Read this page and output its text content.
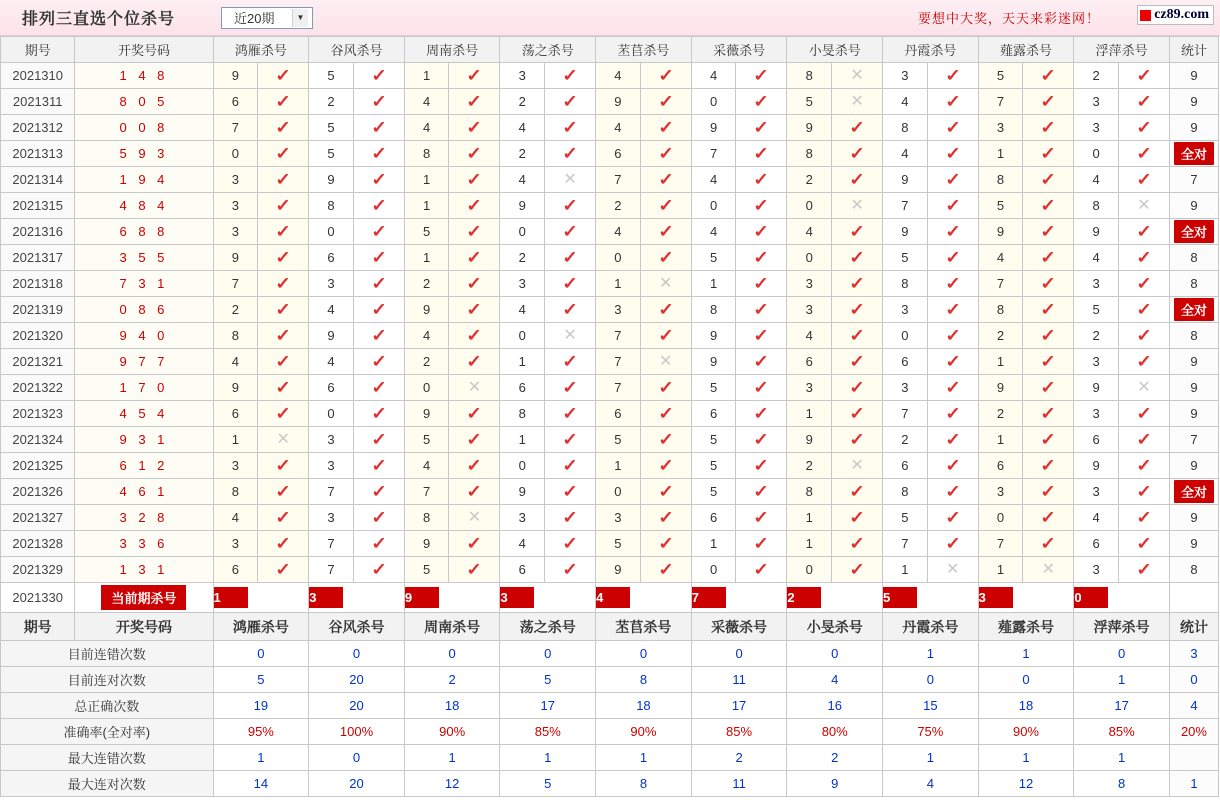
排列三直选个位杀号	近20期	▼	要想中大奖，天天来彩迷网！	cz89.com
期号	开奖号码	鸿雁杀号		谷风杀号		周南杀号		荡之杀号		苤苢杀号		采薇杀号		小旻杀号		丹霞杀号		薤露杀号		浮萍杀号		统计
2021310	1 4 8	9	✓	5	✓	1	✓	3	✓	4	✓	4	✓	8	✕	3	✓	5	✓	2	✓	9
2021311	8 0 5	6	✓	2	✓	4	✓	2	✓	9	✓	0	✓	5	✕	4	✓	7	✓	3	✓	9
2021312	0 0 8	7	✓	5	✓	4	✓	4	✓	4	✓	9	✓	9	✓	8	✓	3	✓	3	✓	9
2021313	5 9 3	0	✓	5	✓	8	✓	2	✓	6	✓	7	✓	8	✓	4	✓	1	✓	0	✓	全对
2021314	1 9 4	3	✓	9	✓	1	✓	4	✕	7	✓	4	✓	2	✓	9	✓	8	✓	4	✓	7
2021315	4 8 4	3	✓	8	✓	1	✓	9	✓	2	✓	0	✓	0	✕	7	✓	5	✓	8	✕	9
2021316	6 8 8	3	✓	0	✓	5	✓	0	✓	4	✓	4	✓	4	✓	9	✓	9	✓	9	✓	全对
2021317	3 5 5	9	✓	6	✓	1	✓	2	✓	0	✓	5	✓	0	✓	5	✓	4	✓	4	✓	8
2021318	7 3 1	7	✓	3	✓	2	✓	3	✓	1	✕	1	✓	3	✓	8	✓	7	✓	3	✓	8
2021319	0 8 6	2	✓	4	✓	9	✓	4	✓	3	✓	8	✓	3	✓	3	✓	8	✓	5	✓	全对
2021320	9 4 0	8	✓	9	✓	4	✓	0	✕	7	✓	9	✓	4	✓	0	✓	2	✓	2	✓	8
2021321	9 7 7	4	✓	4	✓	2	✓	1	✓	7	✕	9	✓	6	✓	6	✓	1	✓	3	✓	9
2021322	1 7 0	9	✓	6	✓	0	✕	6	✓	7	✓	5	✓	3	✓	3	✓	9	✓	9	✕	9
2021323	4 5 4	6	✓	0	✓	9	✓	8	✓	6	✓	6	✓	1	✓	7	✓	2	✓	3	✓	9
2021324	9 3 1	1	✕	3	✓	5	✓	1	✓	5	✓	5	✓	9	✓	2	✓	1	✓	6	✓	7
2021325	6 1 2	3	✓	3	✓	4	✓	0	✓	1	✓	5	✓	2	✕	6	✓	6	✓	9	✓	9
2021326	4 6 1	8	✓	7	✓	7	✓	9	✓	0	✓	5	✓	8	✓	8	✓	3	✓	3	✓	全对
2021327	3 2 8	4	✓	3	✓	8	✕	3	✓	3	✓	6	✓	1	✓	5	✓	0	✓	4	✓	9
2021328	3 3 6	3	✓	7	✓	9	✓	4	✓	5	✓	1	✓	1	✓	7	✓	7	✓	6	✓	9
2021329	1 3 1	6	✓	7	✓	5	✓	6	✓	9	✓	0	✓	0	✓	1	✕	1	✕	3	✓	8
2021330	当前期杀号	1		3		9		3		4		7		2		5		3		0		
期号	开奖号码	鸿雁杀号		谷风杀号		周南杀号		荡之杀号		苤苢杀号		采薇杀号		小旻杀号		丹霞杀号		薤露杀号		浮萍杀号		统计
目前连错次数		0		0		0		0		0		0		0		1		1		0		3
目前连对次数		5		20		2		5		8		11		4		0		0		1		0
总正确次数		19		20		18		17		18		17		16		15		18		17		4
准确率(全对率)		95%		100%		90%		85%		90%		85%		80%		75%		90%		85%		20%
最大连错次数		1		0		1		1		1		2		2		1		1		1		
最大连对次数		14		20		12		5		8		11		9		4		12		8		1
